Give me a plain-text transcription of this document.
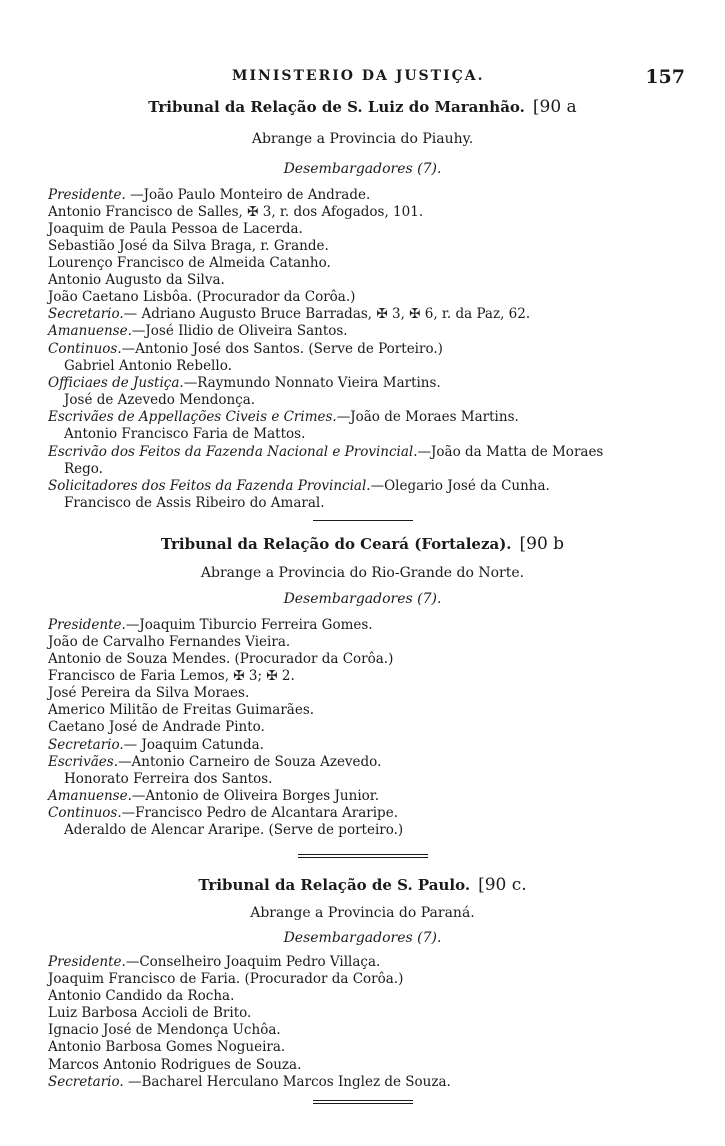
MINISTERIO DA JUSTIÇA.	157
Tribunal da Relação de S. Luiz do Maranhão. [90 a
Abrange a Provincia do Piauhy.
Desembargadores (7).
Presidente. —João Paulo Monteiro de Andrade.
Antonio Francisco de Salles, ✠ 3, r. dos Afogados, 101.
Joaquim de Paula Pessoa de Lacerda.
Sebastião José da Silva Braga, r. Grande.
Lourenço Francisco de Almeida Catanho.
Antonio Augusto da Silva.
João Caetano Lisbôa. (Procurador da Corôa.)
Secretario.— Adriano Augusto Bruce Barradas, ✠ 3, ✠ 6, r. da Paz, 62.
Amanuense.—José Ilidio de Oliveira Santos.
Continuos.—Antonio José dos Santos. (Serve de Porteiro.)
Gabriel Antonio Rebello.
Officiaes de Justiça.—Raymundo Nonnato Vieira Martins.
José de Azevedo Mendonça.
Escrivães de Appellações Civeis e Crimes.—João de Moraes Martins.
Antonio Francisco Faria de Mattos.
Escrivão dos Feitos da Fazenda Nacional e Provincial.—João da Matta de Moraes
Rego.
Solicitadores dos Feitos da Fazenda Provincial.—Olegario José da Cunha.
Francisco de Assis Ribeiro do Amaral.
Tribunal da Relação do Ceará (Fortaleza). [90 b
Abrange a Provincia do Rio-Grande do Norte.
Desembargadores (7).
Presidente.—Joaquim Tiburcio Ferreira Gomes.
João de Carvalho Fernandes Vieira.
Antonio de Souza Mendes. (Procurador da Corôa.)
Francisco de Faria Lemos, ✠ 3; ✠ 2.
José Pereira da Silva Moraes.
Americo Militão de Freitas Guimarães.
Caetano José de Andrade Pinto.
Secretario.— Joaquim Catunda.
Escrivães.—Antonio Carneiro de Souza Azevedo.
Honorato Ferreira dos Santos.
Amanuense.—Antonio de Oliveira Borges Junior.
Continuos.—Francisco Pedro de Alcantara Araripe.
Aderaldo de Alencar Araripe. (Serve de porteiro.)
Tribunal da Relação de S. Paulo. [90 c.
Abrange a Provincia do Paraná.
Desembargadores (7).
Presidente.—Conselheiro Joaquim Pedro Villaça.
Joaquim Francisco de Faria. (Procurador da Corôa.)
Antonio Candido da Rocha.
Luiz Barbosa Accioli de Brito.
Ignacio José de Mendonça Uchôa.
Antonio Barbosa Gomes Nogueira.
Marcos Antonio Rodrigues de Souza.
Secretario. —Bacharel Herculano Marcos Inglez de Souza.
